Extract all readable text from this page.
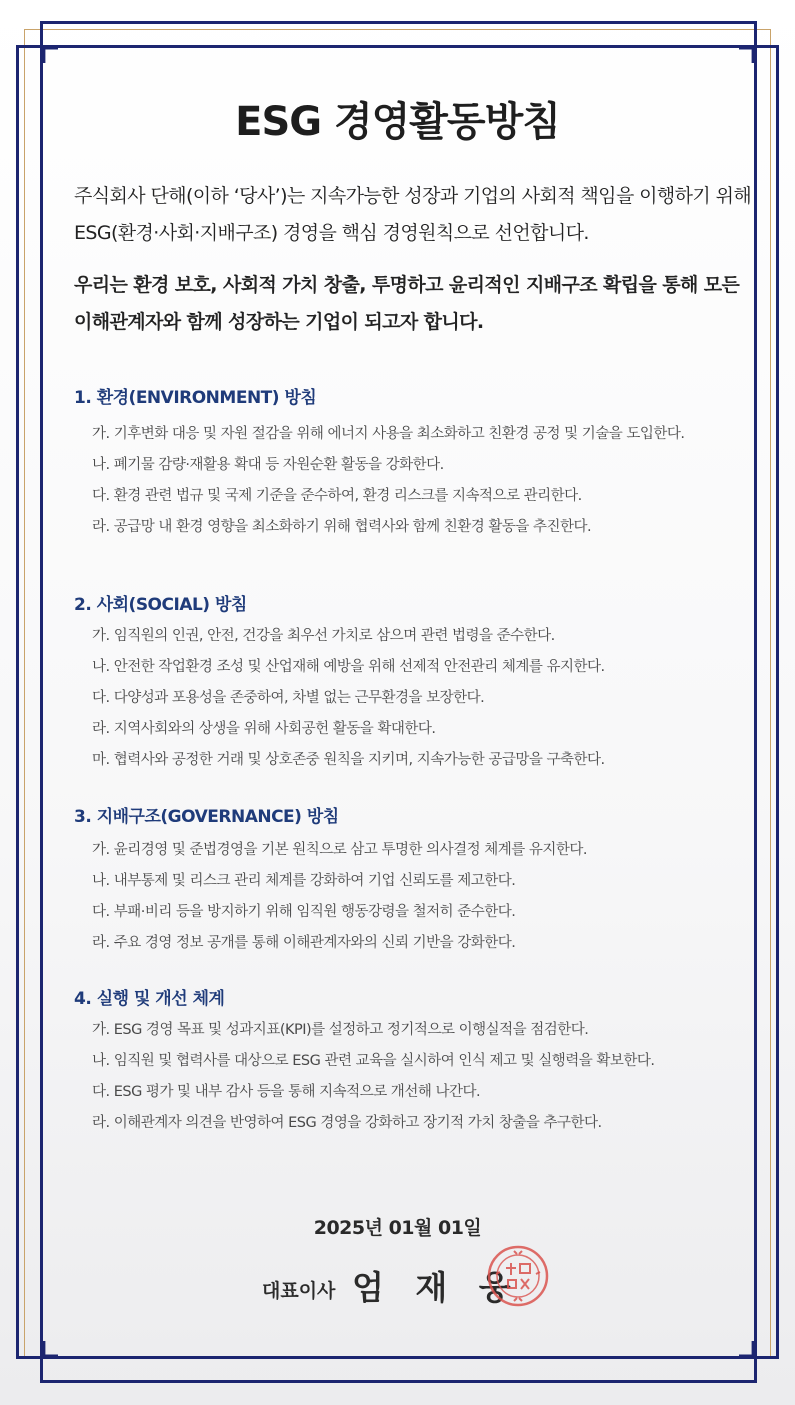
ESG 경영활동방침
주식회사 단해(이하 ‘당사’)는 지속가능한 성장과 기업의 사회적 책임을 이행하기 위해 ESG(환경·사회·지배구조) 경영을 핵심 경영원칙으로 선언합니다.
우리는 환경 보호, 사회적 가치 창출, 투명하고 윤리적인 지배구조 확립을 통해 모든 이해관계자와 함께 성장하는 기업이 되고자 합니다.
1. 환경(ENVIRONMENT) 방침
가. 기후변화 대응 및 자원 절감을 위해 에너지 사용을 최소화하고 친환경 공정 및 기술을 도입한다.
나. 폐기물 감량·재활용 확대 등 자원순환 활동을 강화한다.
다. 환경 관련 법규 및 국제 기준을 준수하여, 환경 리스크를 지속적으로 관리한다.
라. 공급망 내 환경 영향을 최소화하기 위해 협력사와 함께 친환경 활동을 추진한다.
2. 사회(SOCIAL) 방침
가. 임직원의 인권, 안전, 건강을 최우선 가치로 삼으며 관련 법령을 준수한다.
나. 안전한 작업환경 조성 및 산업재해 예방을 위해 선제적 안전관리 체계를 유지한다.
다. 다양성과 포용성을 존중하여, 차별 없는 근무환경을 보장한다.
라. 지역사회와의 상생을 위해 사회공헌 활동을 확대한다.
마. 협력사와 공정한 거래 및 상호존중 원칙을 지키며, 지속가능한 공급망을 구축한다.
3. 지배구조(GOVERNANCE) 방침
가. 윤리경영 및 준법경영을 기본 원칙으로 삼고 투명한 의사결정 체계를 유지한다.
나. 내부통제 및 리스크 관리 체계를 강화하여 기업 신뢰도를 제고한다.
다. 부패·비리 등을 방지하기 위해 임직원 행동강령을 철저히 준수한다.
라. 주요 경영 정보 공개를 통해 이해관계자와의 신뢰 기반을 강화한다.
4. 실행 및 개선 체계
가. ESG 경영 목표 및 성과지표(KPI)를 설정하고 정기적으로 이행실적을 점검한다.
나. 임직원 및 협력사를 대상으로 ESG 관련 교육을 실시하여 인식 제고 및 실행력을 확보한다.
다. ESG 평가 및 내부 감사 등을 통해 지속적으로 개선해 나간다.
라. 이해관계자 의견을 반영하여 ESG 경영을 강화하고 장기적 가치 창출을 추구한다.
2025년 01월 01일
대표이사 엄 재 웅
